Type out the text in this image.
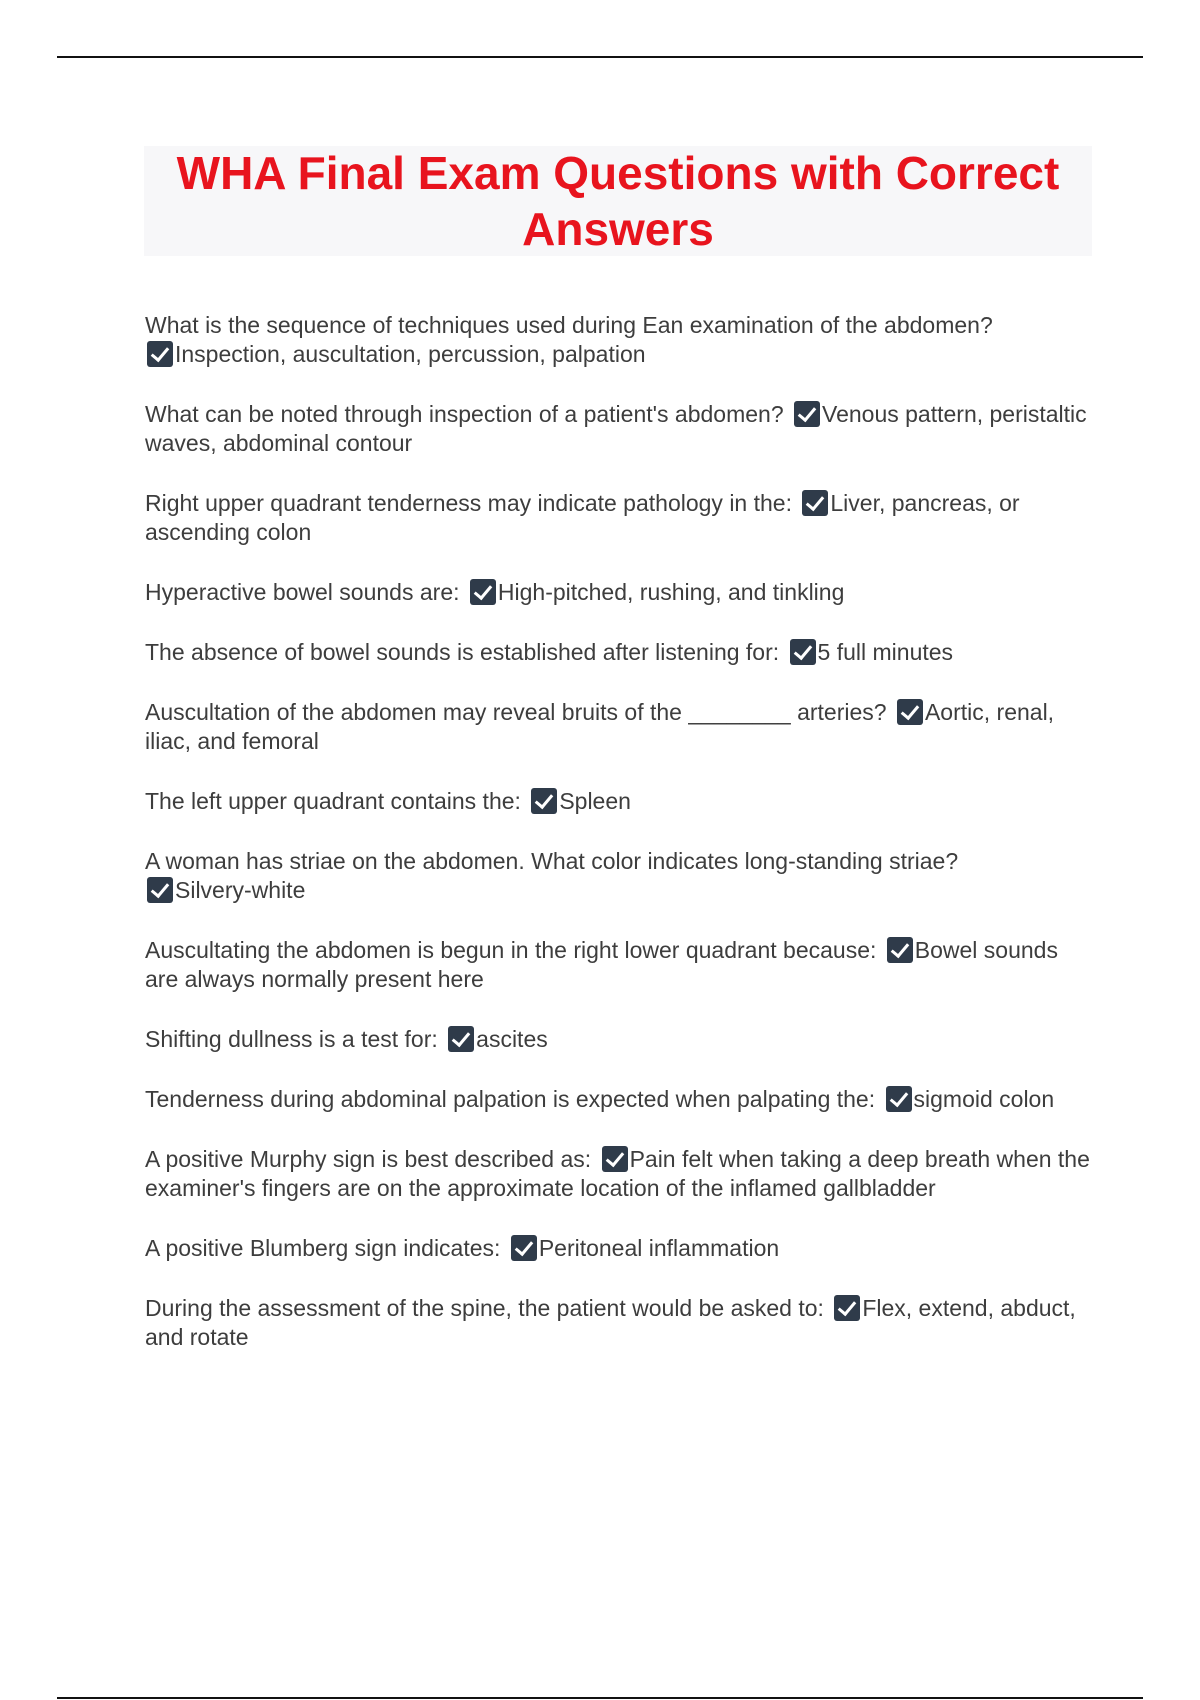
WHA Final Exam Questions with Correct Answers

What is the sequence of techniques used during Ean examination of the abdomen?
Inspection, auscultation, percussion, palpation

What can be noted through inspection of a patient's abdomen? Venous pattern, peristaltic waves, abdominal contour

Right upper quadrant tenderness may indicate pathology in the: Liver, pancreas, or ascending colon

Hyperactive bowel sounds are: High-pitched, rushing, and tinkling

The absence of bowel sounds is established after listening for: 5 full minutes

Auscultation of the abdomen may reveal bruits of the ________ arteries? Aortic, renal, iliac, and femoral

The left upper quadrant contains the: Spleen

A woman has striae on the abdomen. What color indicates long-standing striae?
Silvery-white

Auscultating the abdomen is begun in the right lower quadrant because: Bowel sounds are always normally present here

Shifting dullness is a test for: ascites

Tenderness during abdominal palpation is expected when palpating the: sigmoid colon

A positive Murphy sign is best described as: Pain felt when taking a deep breath when the examiner's fingers are on the approximate location of the inflamed gallbladder

A positive Blumberg sign indicates: Peritoneal inflammation

During the assessment of the spine, the patient would be asked to: Flex, extend, abduct, and rotate
